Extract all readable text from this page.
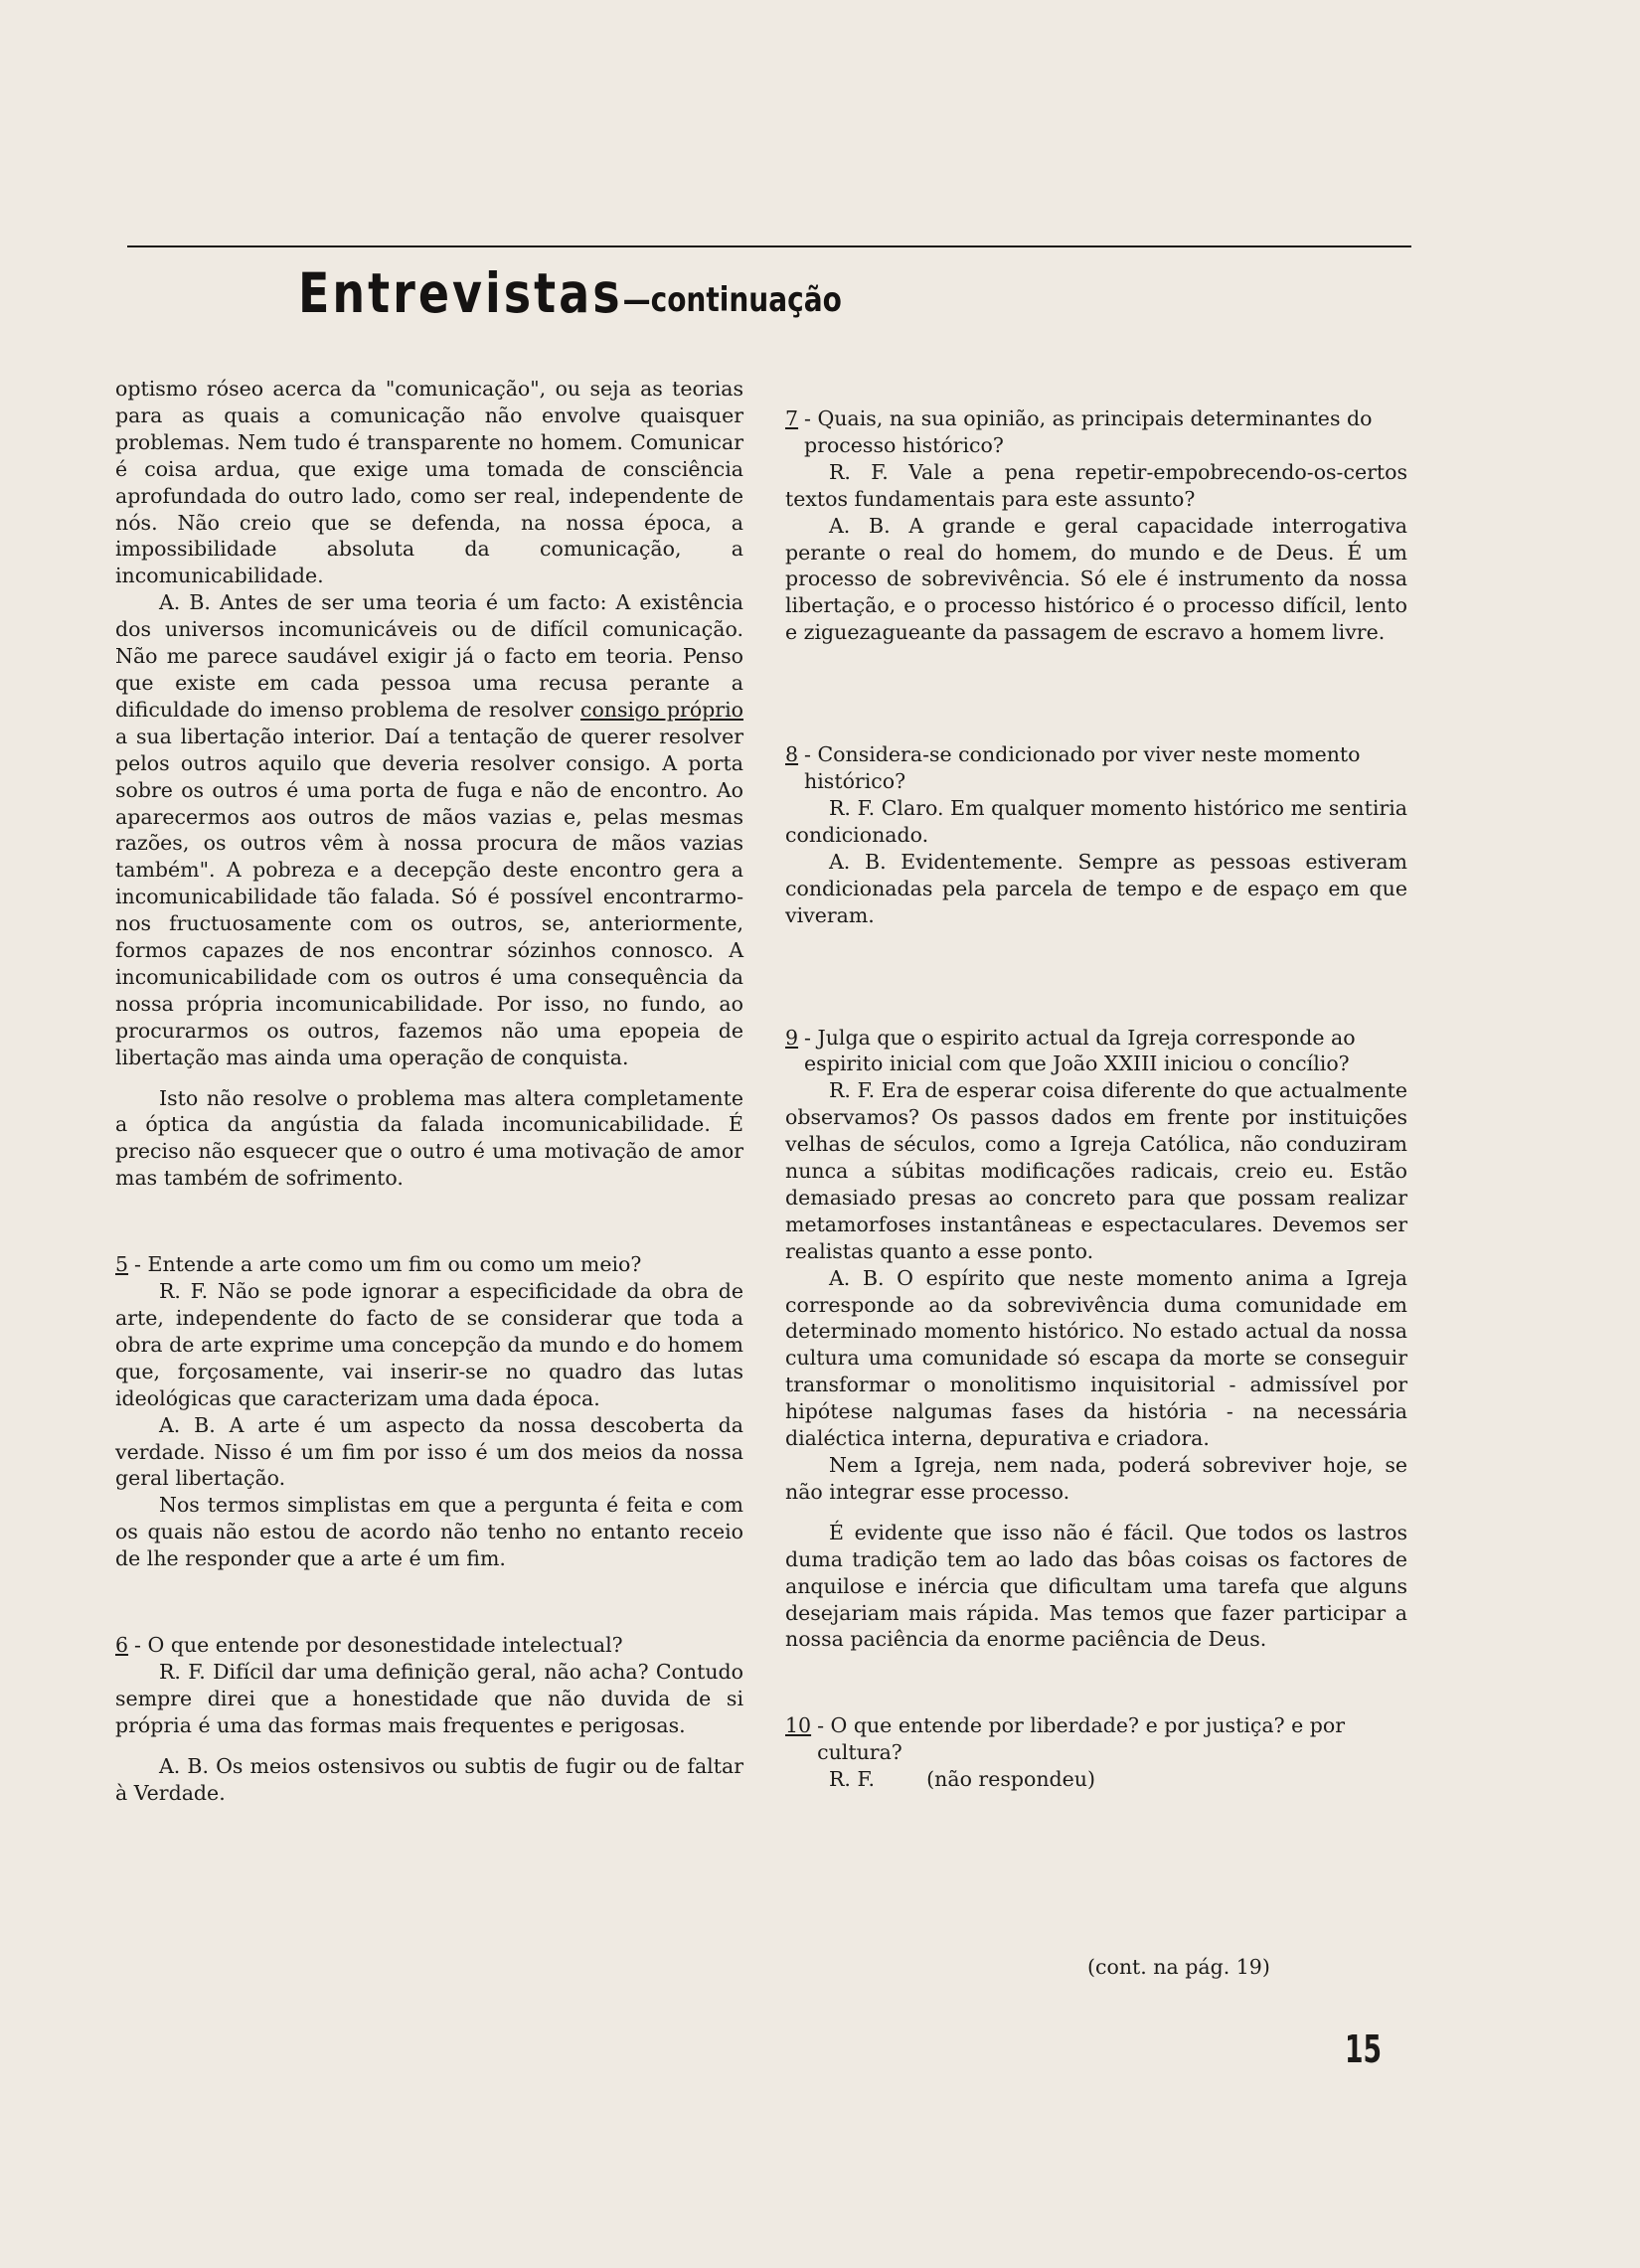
Entrevistas—continuação

optismo róseo acerca da "comunicação", ou seja as teorias para as quais a comunicação não envolve quaisquer problemas. Nem tudo é transparente no homem. Comunicar é coisa ardua, que exige uma tomada de consciência aprofundada do outro lado, como ser real, independente de nós. Não creio que se defenda, na nossa época, a impossibilidade absoluta da comunicação, a incomunicabilidade.

A. B. Antes de ser uma teoria é um facto: A existência dos universos incomunicáveis ou de difícil comunicação. Não me parece saudável exigir já o facto em teoria. Penso que existe em cada pessoa uma recusa perante a dificuldade do imenso problema de resolver consigo próprio a sua libertação interior. Daí a tentação de querer resolver pelos outros aquilo que deveria resolver consigo. A porta sobre os outros é uma porta de fuga e não de encontro. Ao aparecermos aos outros de mãos vazias e, pelas mesmas razões, os outros vêm à nossa procura de mãos vazias também". A pobreza e a decepção deste encontro gera a incomunicabilidade tão falada. Só é possível encontrarmo-nos fructuosamente com os outros, se, anteriormente, formos capazes de nos encontrar sózinhos connosco. A incomunicabilidade com os outros é uma consequência da nossa própria incomunicabilidade. Por isso, no fundo, ao procurarmos os outros, fazemos não uma epopeia de libertação mas ainda uma operação de conquista.

Isto não resolve o problema mas altera completamente a óptica da angústia da falada incomunicabilidade. É preciso não esquecer que o outro é uma motivação de amor mas também de sofrimento.

5 - Entende a arte como um fim ou como um meio?

R. F. Não se pode ignorar a especificidade da obra de arte, independente do facto de se considerar que toda a obra de arte exprime uma concepção da mundo e do homem que, forçosamente, vai inserir-se no quadro das lutas ideológicas que caracterizam uma dada época.

A. B. A arte é um aspecto da nossa descoberta da verdade. Nisso é um fim por isso é um dos meios da nossa geral libertação.

Nos termos simplistas em que a pergunta é feita e com os quais não estou de acordo não tenho no entanto receio de lhe responder que a arte é um fim.

6 - O que entende por desonestidade intelectual?

R. F. Difícil dar uma definição geral, não acha? Contudo sempre direi que a honestidade que não duvida de si própria é uma das formas mais frequentes e perigosas.

A. B. Os meios ostensivos ou subtis de fugir ou de faltar à Verdade.

7 - Quais, na sua opinião, as principais determinantes do processo histórico?

R. F. Vale a pena repetir-empobrecendo-os-certos textos fundamentais para este assunto?

A. B. A grande e geral capacidade interrogativa perante o real do homem, do mundo e de Deus. É um processo de sobrevivência. Só ele é instrumento da nossa libertação, e o processo histórico é o processo difícil, lento e ziguezagueante da passagem de escravo a homem livre.

8 - Considera-se condicionado por viver neste momento histórico?

R. F. Claro. Em qualquer momento histórico me sentiria condicionado.

A. B. Evidentemente. Sempre as pessoas estiveram condicionadas pela parcela de tempo e de espaço em que viveram.

9 - Julga que o espirito actual da Igreja corresponde ao espirito inicial com que João XXIII iniciou o concílio?

R. F. Era de esperar coisa diferente do que actualmente observamos? Os passos dados em frente por instituições velhas de séculos, como a Igreja Católica, não conduziram nunca a súbitas modificações radicais, creio eu. Estão demasiado presas ao concreto para que possam realizar metamorfoses instantâneas e espectaculares. Devemos ser realistas quanto a esse ponto.

A. B. O espírito que neste momento anima a Igreja corresponde ao da sobrevivência duma comunidade em determinado momento histórico. No estado actual da nossa cultura uma comunidade só escapa da morte se conseguir transformar o monolitismo inquisitorial - admissível por hipótese nalgumas fases da história - na necessária dialéctica interna, depurativa e criadora.

Nem a Igreja, nem nada, poderá sobreviver hoje, se não integrar esse processo.

É evidente que isso não é fácil. Que todos os lastros duma tradição tem ao lado das bôas coisas os factores de anquilose e inércia que dificultam uma tarefa que alguns desejariam mais rápida. Mas temos que fazer participar a nossa paciência da enorme paciência de Deus.

10 - O que entende por liberdade? e por justiça? e por cultura?

R. F.	(não respondeu)

(cont. na pág. 19)
15
